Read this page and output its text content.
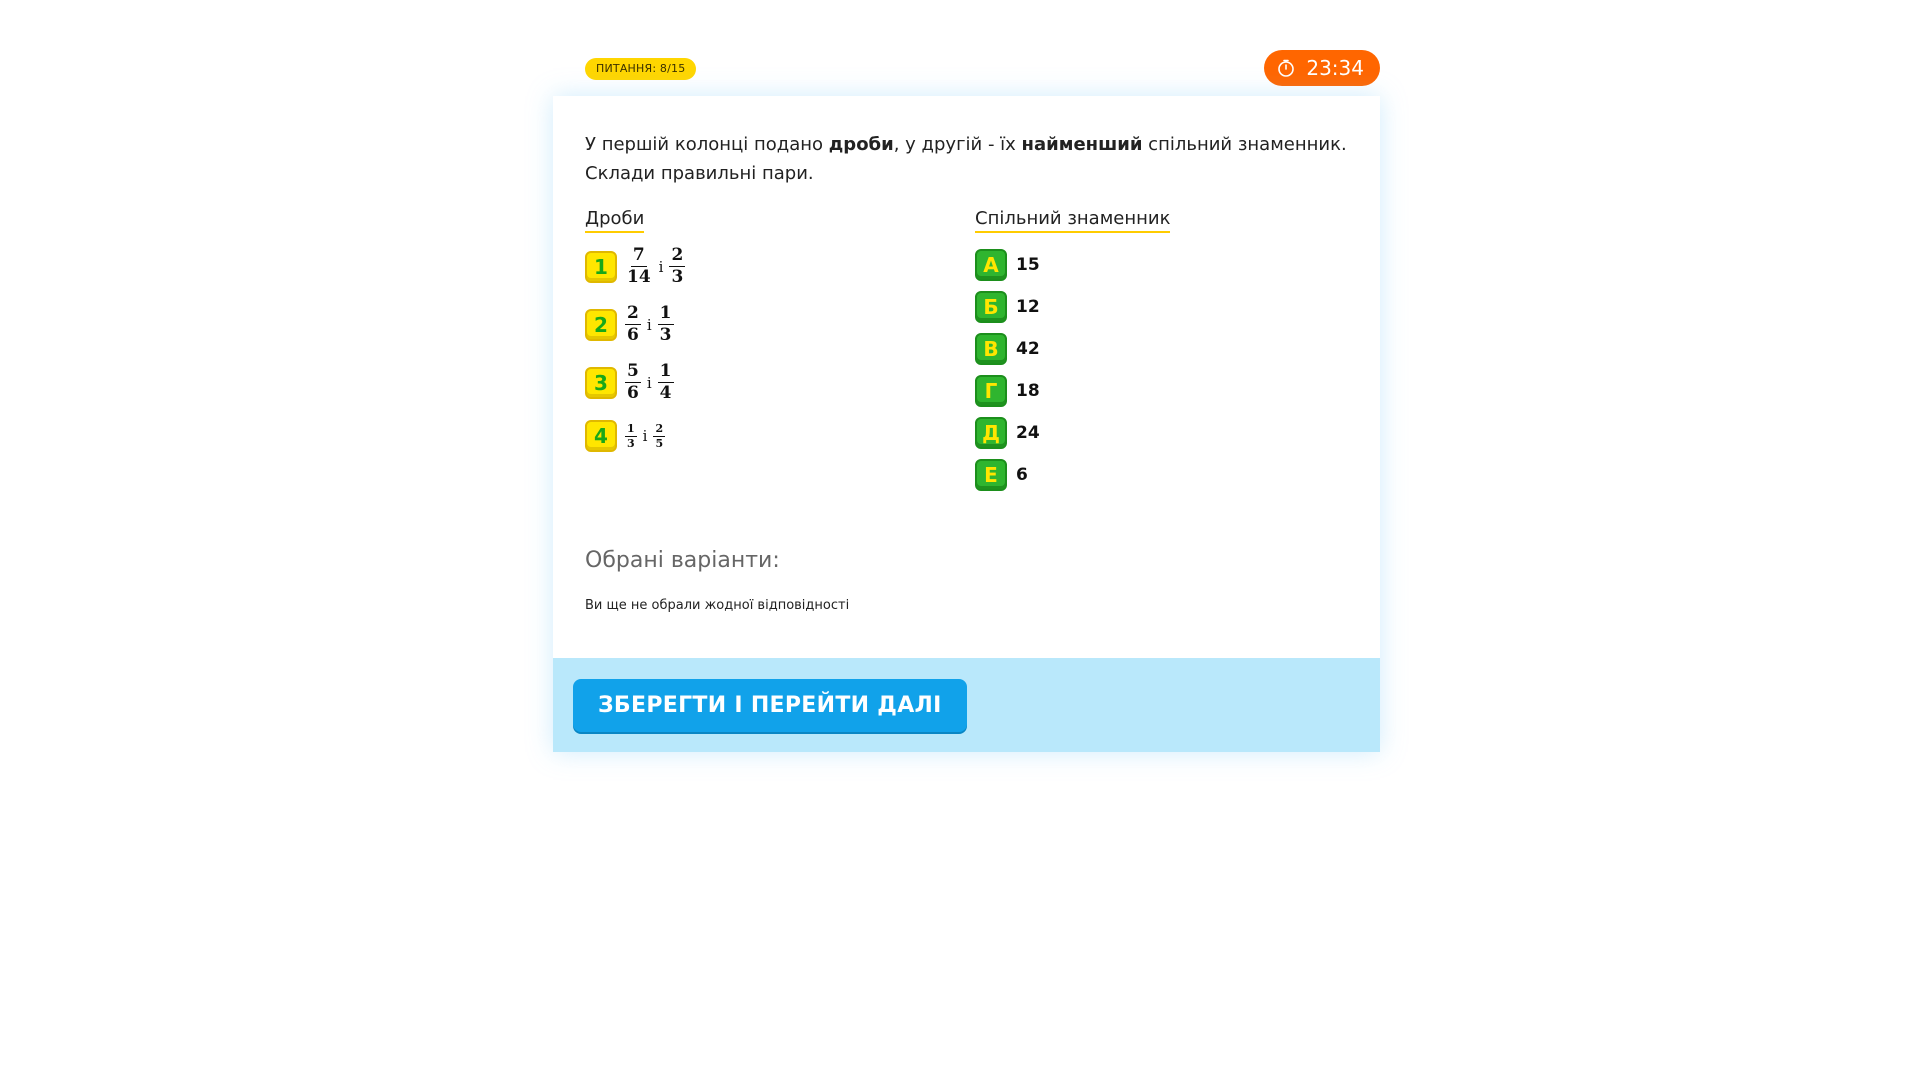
ПИТАННЯ: 8/15	23:34
У першій колонці подано дроби, у другій - їх найменший спільний знаменник. Склади правильні пари.
Дроби	Спільний знаменник
1	$\frac{7}{14}$ і $\frac{2}{3}$
2	$\frac{2}{6}$ і $\frac{1}{3}$
3	$\frac{5}{6}$ і $\frac{1}{4}$
4	$\frac{1}{3}$ і $\frac{2}{5}$
А	15
Б	12
В	42
Г	18
Д 24
Е	6
Обрані варіанти:
Ви ще не обрали жодної відповідності
ЗБЕРЕГТИ І ПЕРЕЙТИ ДАЛІ
